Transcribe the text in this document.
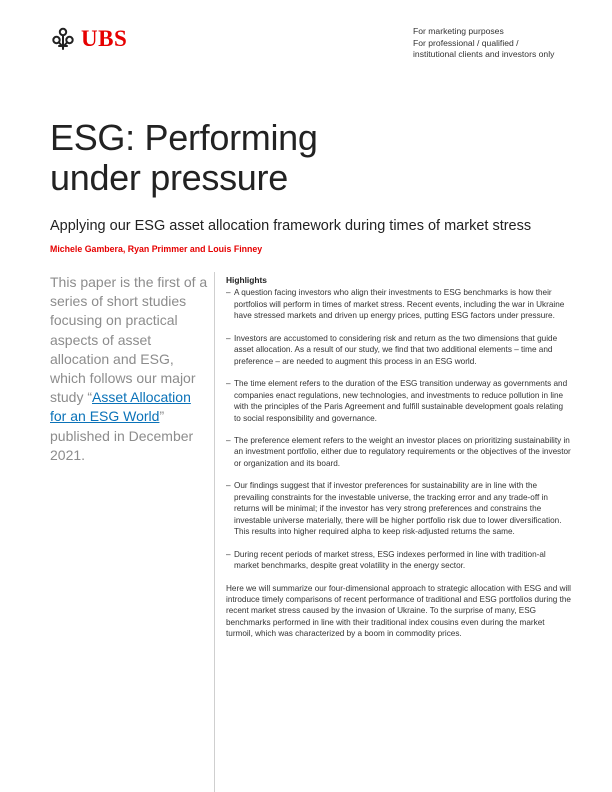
UBS	For marketing purposes
For professional / qualified /
institutional clients and investors only
ESG: Performing
under pressure
Applying our ESG asset allocation framework during times of market stress
Michele Gambera, Ryan Primmer and Louis Finney
This paper is the first of a series of short studies focusing on practical aspects of asset allocation and ESG, which follows our major study “Asset Allocation for an ESG World” published in December 2021.
Highlights
– A question facing investors who align their investments to ESG benchmarks is how their portfolios will perform in times of market stress. Recent events, including the war in Ukraine have stressed markets and driven up energy prices, putting ESG factors under pressure.
– Investors are accustomed to considering risk and return as the two dimensions that guide asset allocation. As a result of our study, we find that two additional elements – time and preference – are needed to augment this process in an ESG world.
– The time element refers to the duration of the ESG transition underway as governments and companies enact regulations, new technologies, and investments to reduce pollution in line with the principles of the Paris Agreement and fulfill sustainable development goals relating to social responsibility and governance.
– The preference element refers to the weight an investor places on prioritizing sustainability in an investment portfolio, either due to regulatory requirements or the objectives of the investor or organization and its board.
– Our findings suggest that if investor preferences for sustainability are in line with the prevailing constraints for the investable universe, the tracking error and any trade-off in returns will be minimal; if the investor has very strong preferences and constrains the investable universe materially, there will be higher portfolio risk due to lower diversification. This results into higher required alpha to keep risk-adjusted returns the same.
– During recent periods of market stress, ESG indexes performed in line with tradition-al market benchmarks, despite great volatility in the energy sector.

Here we will summarize our four-dimensional approach to strategic allocation with ESG and will introduce timely comparisons of recent performance of traditional and ESG portfolios during the recent market stress caused by the invasion of Ukraine. To the surprise of many, ESG benchmarks performed in line with their traditional index cousins even during the market turmoil, which was characterized by a boom in commodity prices.
